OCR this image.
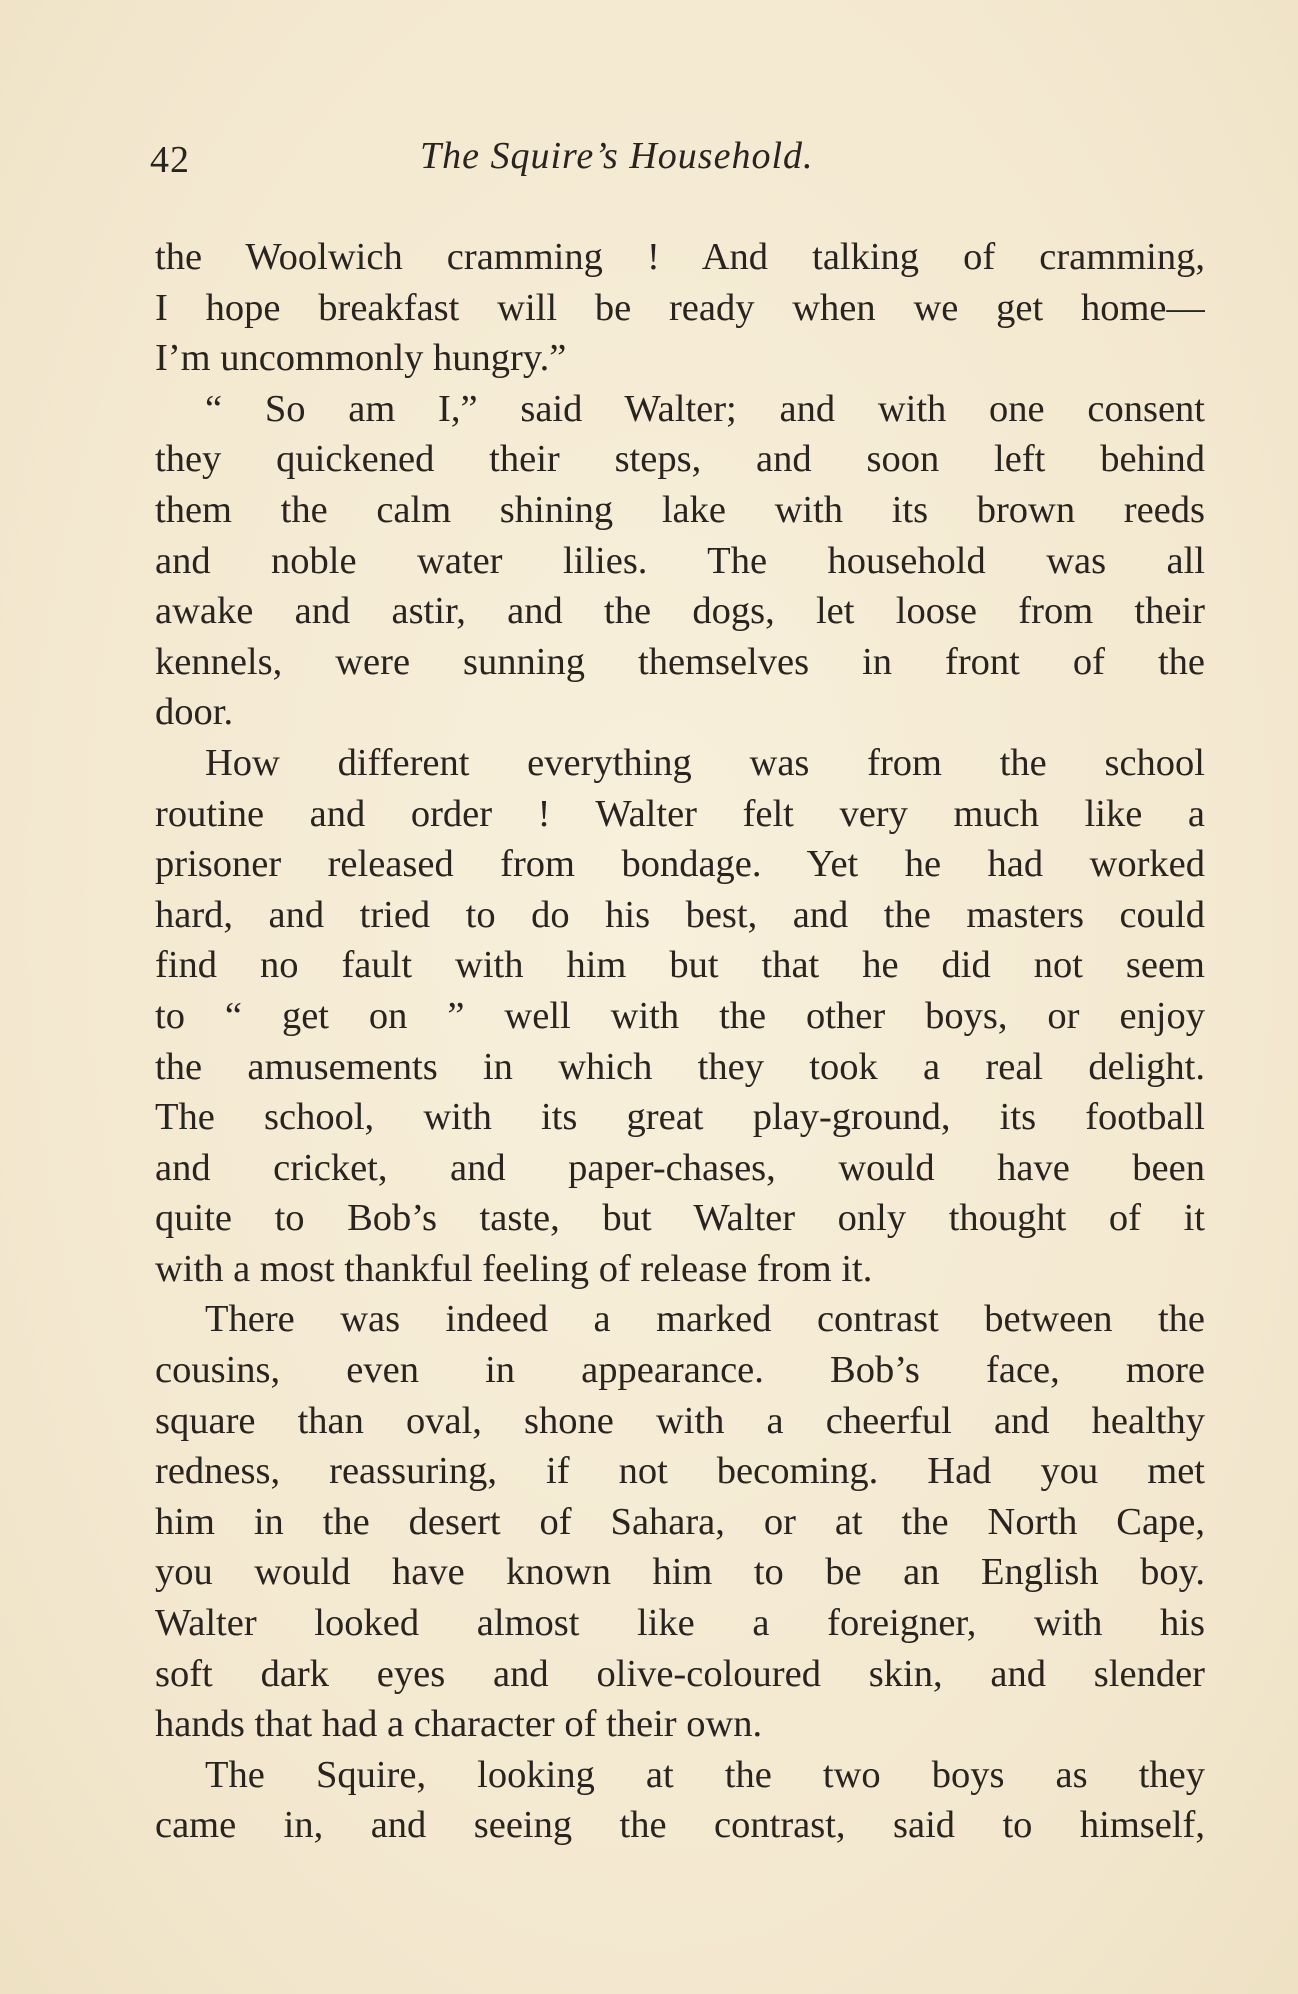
42	The Squire’s Household.
the Woolwich cramming ! And talking of cramming,
I hope breakfast will be ready when we get home—
I’m uncommonly hungry.”
“ So am I,” said Walter; and with one consent
they quickened their steps, and soon left behind
them the calm shining lake with its brown reeds
and noble water lilies. The household was all
awake and astir, and the dogs, let loose from their
kennels, were sunning themselves in front of the
door.
How different everything was from the school
routine and order ! Walter felt very much like a
prisoner released from bondage. Yet he had worked
hard, and tried to do his best, and the masters could
find no fault with him but that he did not seem
to “ get on ” well with the other boys, or enjoy
the amusements in which they took a real delight.
The school, with its great play-ground, its football
and cricket, and paper-chases, would have been
quite to Bob’s taste, but Walter only thought of it
with a most thankful feeling of release from it.
There was indeed a marked contrast between the
cousins, even in appearance. Bob’s face, more
square than oval, shone with a cheerful and healthy
redness, reassuring, if not becoming. Had you met
him in the desert of Sahara, or at the North Cape,
you would have known him to be an English boy.
Walter looked almost like a foreigner, with his
soft dark eyes and olive-coloured skin, and slender
hands that had a character of their own.
The Squire, looking at the two boys as they
came in, and seeing the contrast, said to himself,
